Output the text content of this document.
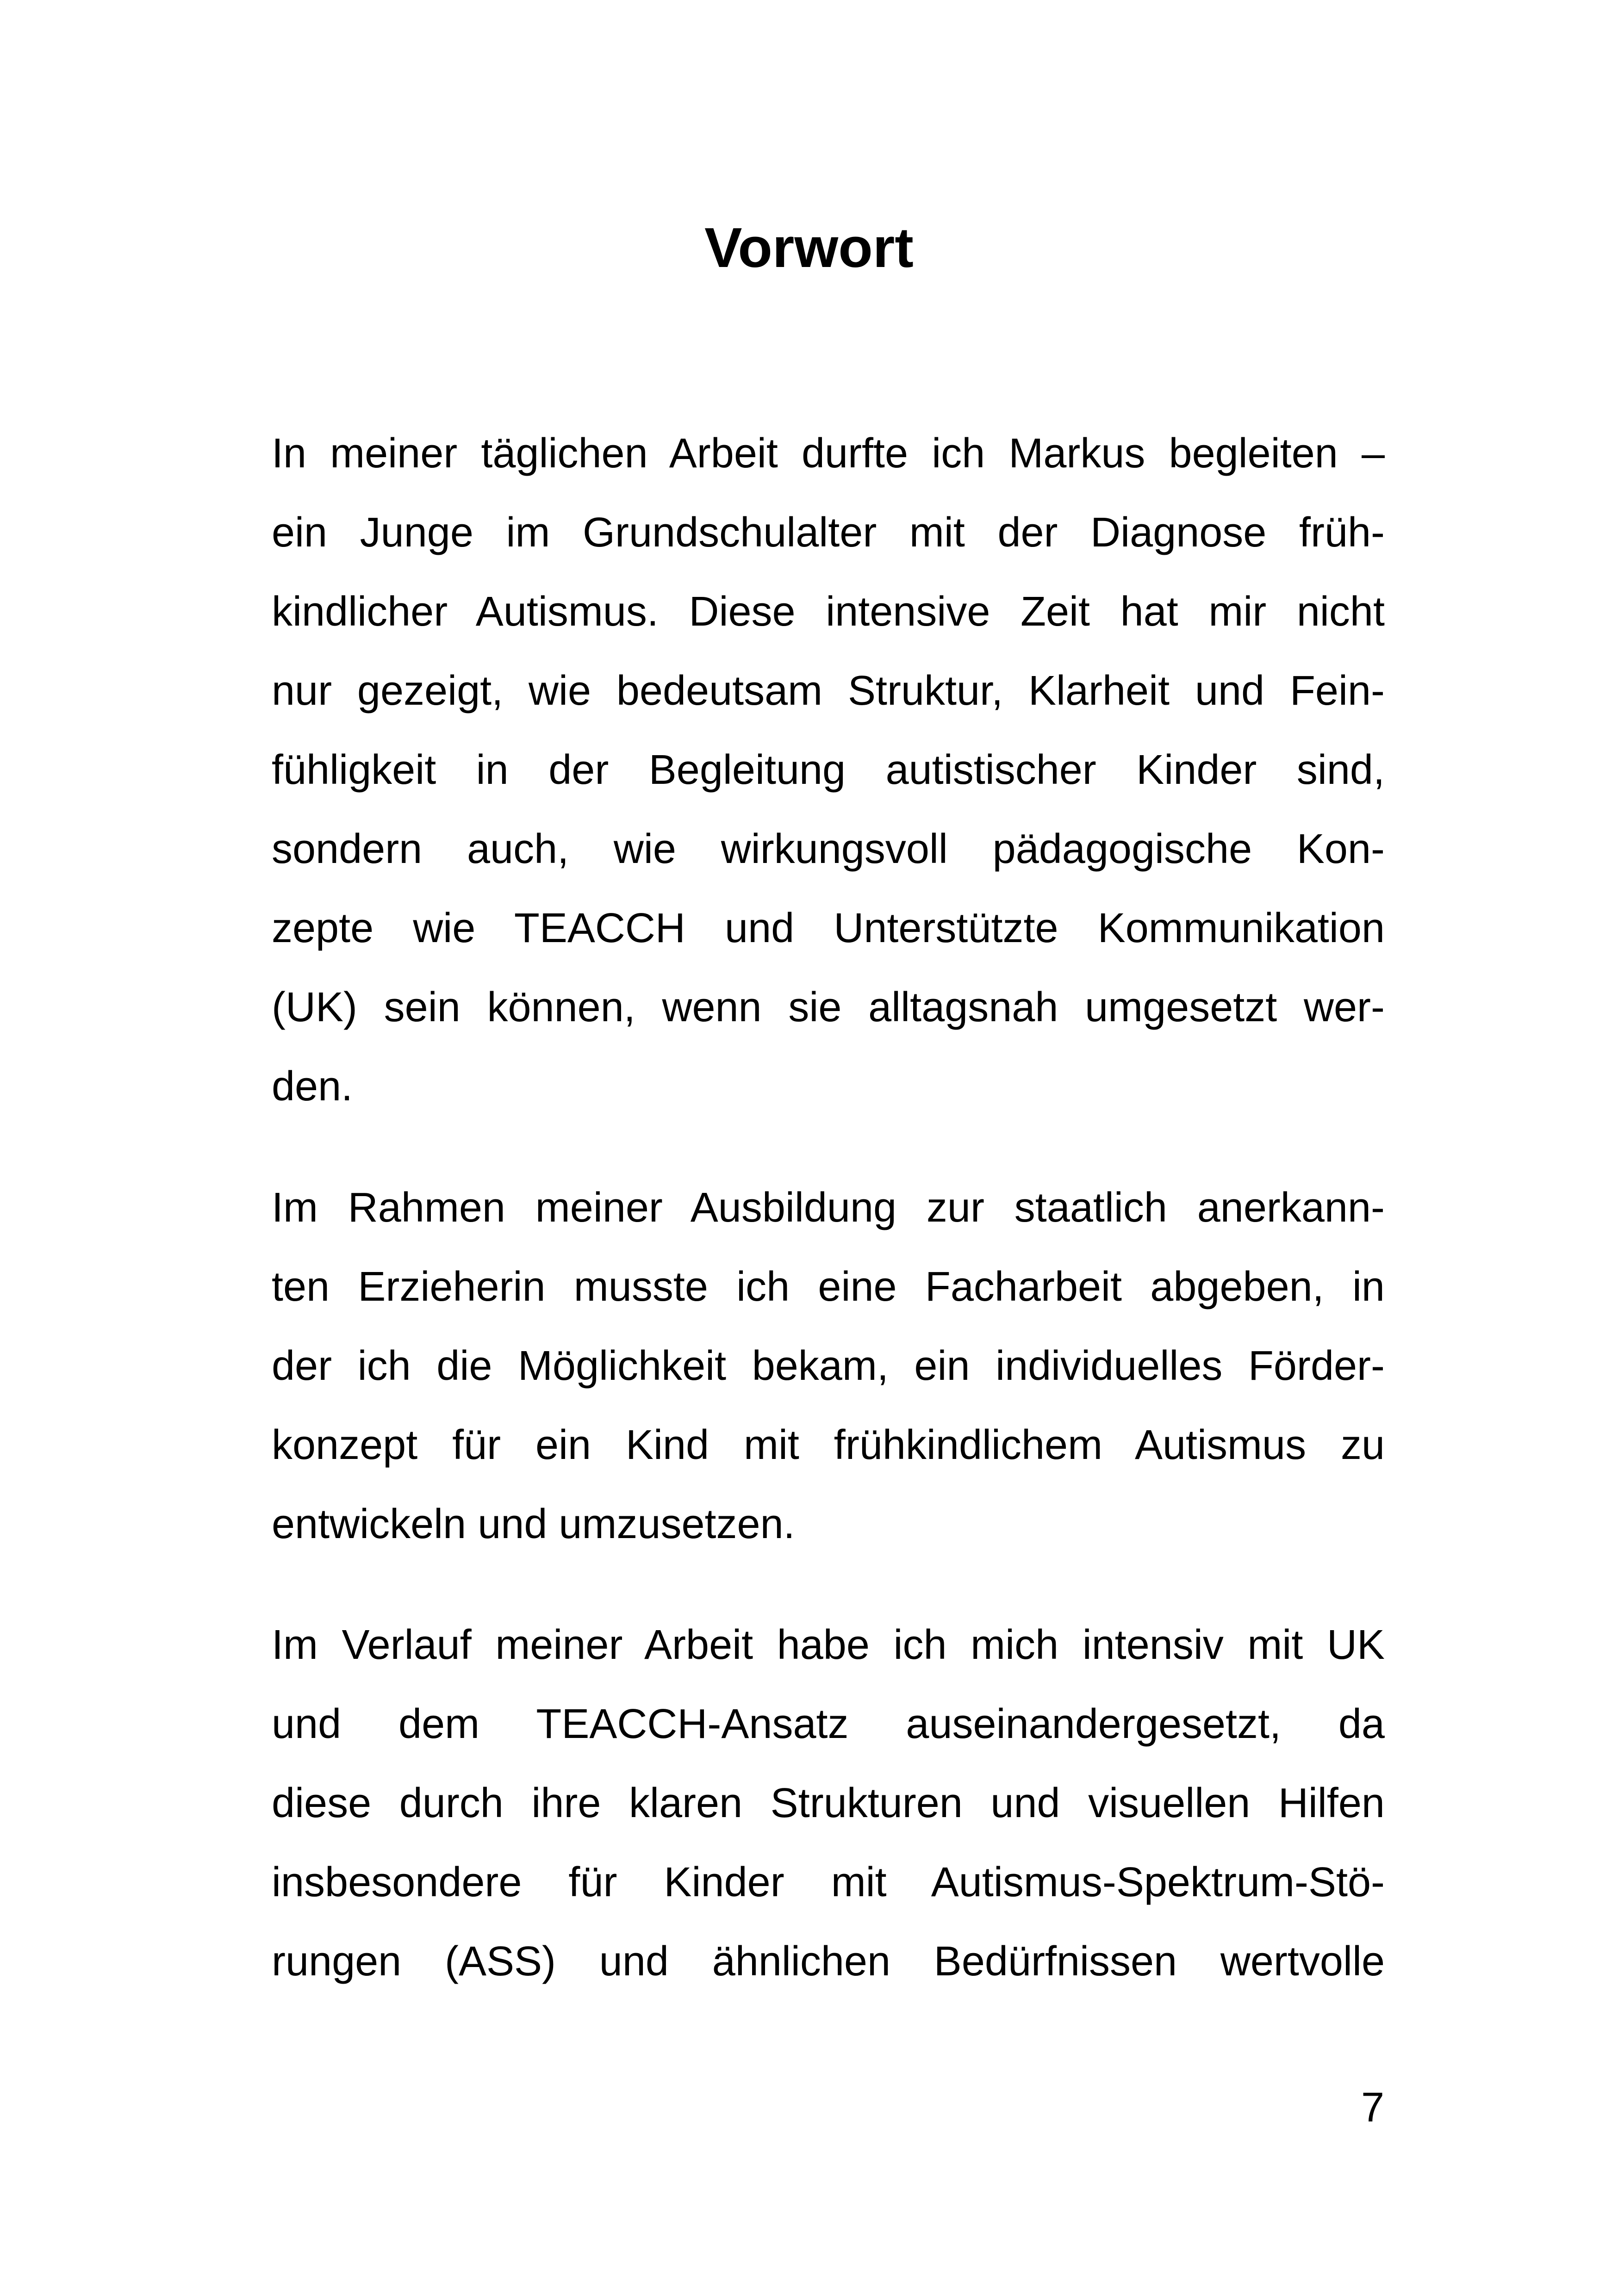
Vorwort
In meiner täglichen Arbeit durfte ich Markus begleiten –
ein Junge im Grundschulalter mit der Diagnose früh-
kindlicher Autismus. Diese intensive Zeit hat mir nicht
nur gezeigt, wie bedeutsam Struktur, Klarheit und Fein-
fühligkeit in der Begleitung autistischer Kinder sind,
sondern auch, wie wirkungsvoll pädagogische Kon-
zepte wie TEACCH und Unterstützte Kommunikation
(UK) sein können, wenn sie alltagsnah umgesetzt wer-
den.
Im Rahmen meiner Ausbildung zur staatlich anerkann-
ten Erzieherin musste ich eine Facharbeit abgeben, in
der ich die Möglichkeit bekam, ein individuelles Förder-
konzept für ein Kind mit frühkindlichem Autismus zu
entwickeln und umzusetzen.
Im Verlauf meiner Arbeit habe ich mich intensiv mit UK
und dem TEACCH-Ansatz auseinandergesetzt, da
diese durch ihre klaren Strukturen und visuellen Hilfen
insbesondere für Kinder mit Autismus-Spektrum-Stö-
rungen (ASS) und ähnlichen Bedürfnissen wertvolle
7
